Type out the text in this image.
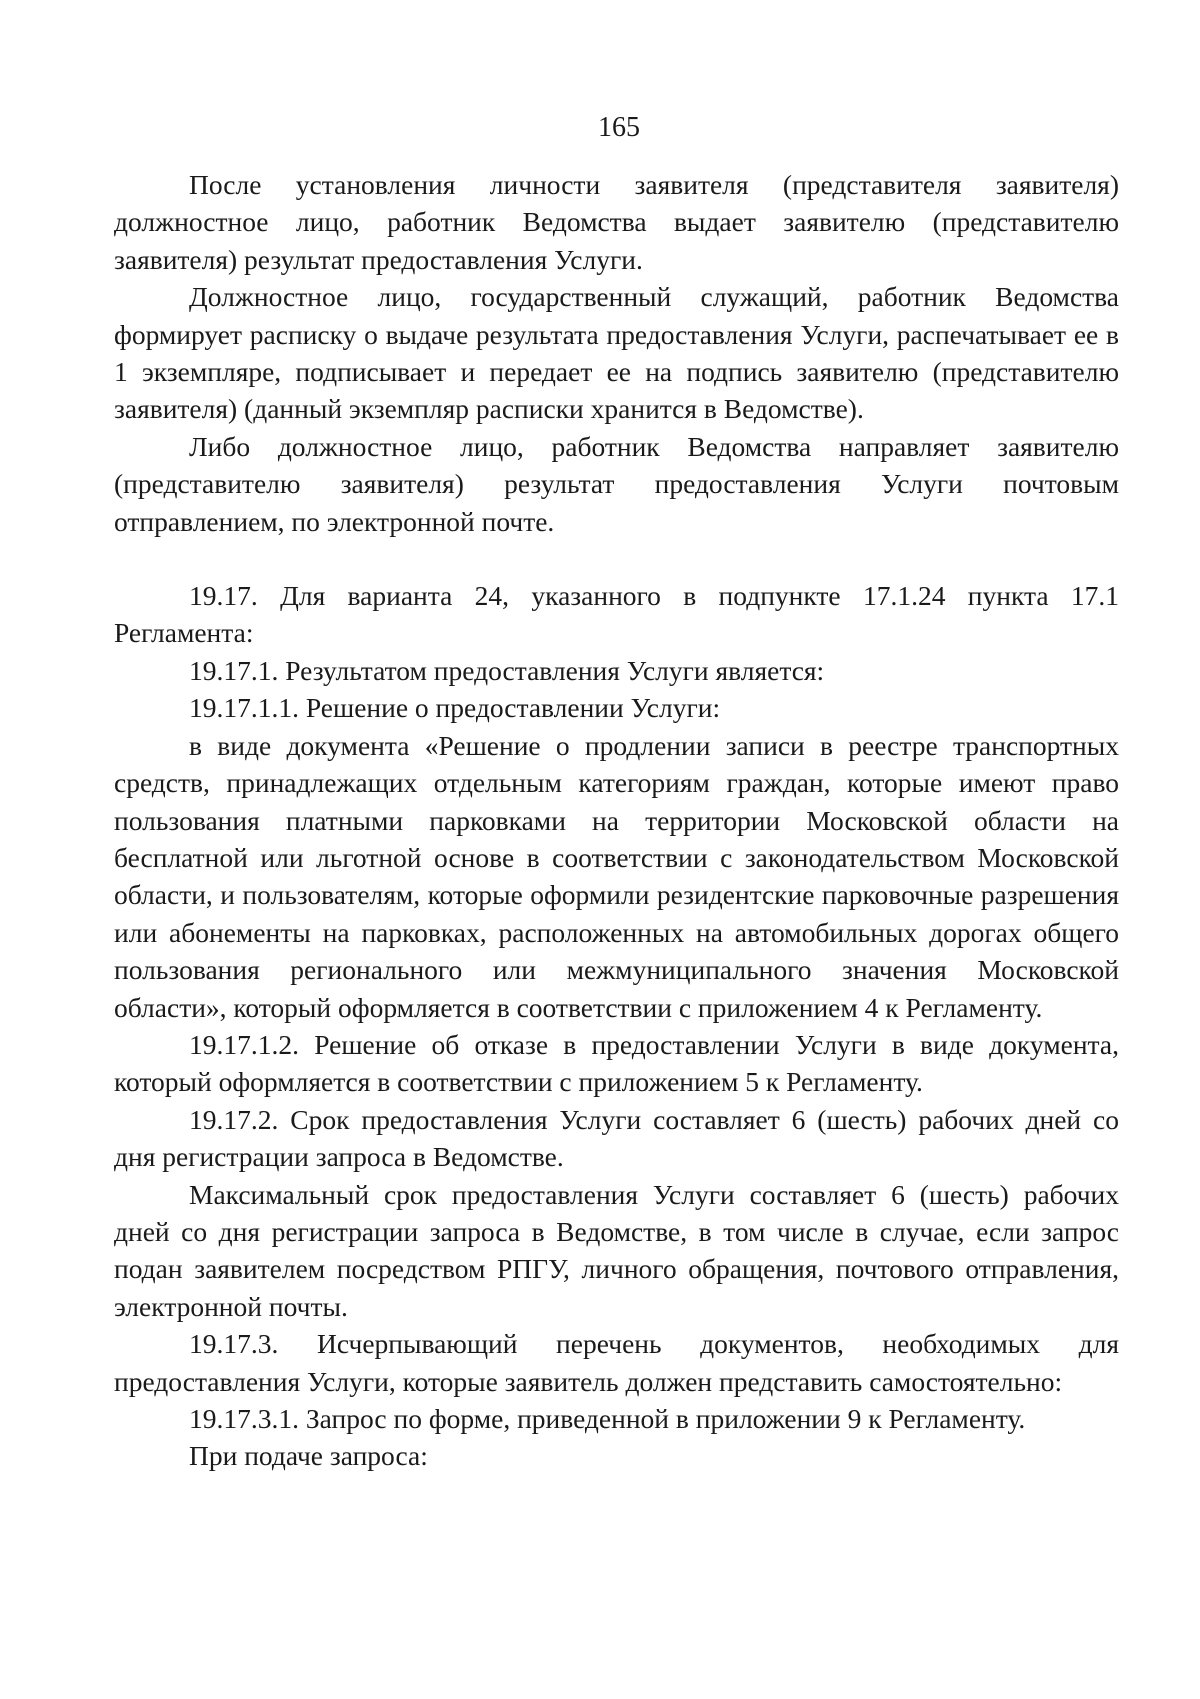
165

После установления личности заявителя (представителя заявителя) должностное лицо, работник Ведомства выдает заявителю (представителю заявителя) результат предоставления Услуги.

Должностное лицо, государственный служащий, работник Ведомства формирует расписку о выдаче результата предоставления Услуги, распечатывает ее в 1 экземпляре, подписывает и передает ее на подпись заявителю (представителю заявителя) (данный экземпляр расписки хранится в Ведомстве).

Либо должностное лицо, работник Ведомства направляет заявителю (представителю заявителя) результат предоставления Услуги почтовым отправлением, по электронной почте.

19.17. Для варианта 24, указанного в подпункте 17.1.24 пункта 17.1 Регламента:

19.17.1. Результатом предоставления Услуги является:

19.17.1.1. Решение о предоставлении Услуги:

в виде документа «Решение о продлении записи в реестре транспортных средств, принадлежащих отдельным категориям граждан, которые имеют право пользования платными парковками на территории Московской области на бесплатной или льготной основе в соответствии с законодательством Московской области, и пользователям, которые оформили резидентские парковочные разрешения или абонементы на парковках, расположенных на автомобильных дорогах общего пользования регионального или межмуниципального значения Московской области», который оформляется в соответствии с приложением 4 к Регламенту.

19.17.1.2. Решение об отказе в предоставлении Услуги в виде документа, который оформляется в соответствии с приложением 5 к Регламенту.

19.17.2. Срок предоставления Услуги составляет 6 (шесть) рабочих дней со дня регистрации запроса в Ведомстве.

Максимальный срок предоставления Услуги составляет 6 (шесть) рабочих дней со дня регистрации запроса в Ведомстве, в том числе в случае, если запрос подан заявителем посредством РПГУ, личного обращения, почтового отправления, электронной почты.

19.17.3. Исчерпывающий перечень документов, необходимых для предоставления Услуги, которые заявитель должен представить самостоятельно:

19.17.3.1. Запрос по форме, приведенной в приложении 9 к Регламенту.

При подаче запроса:
